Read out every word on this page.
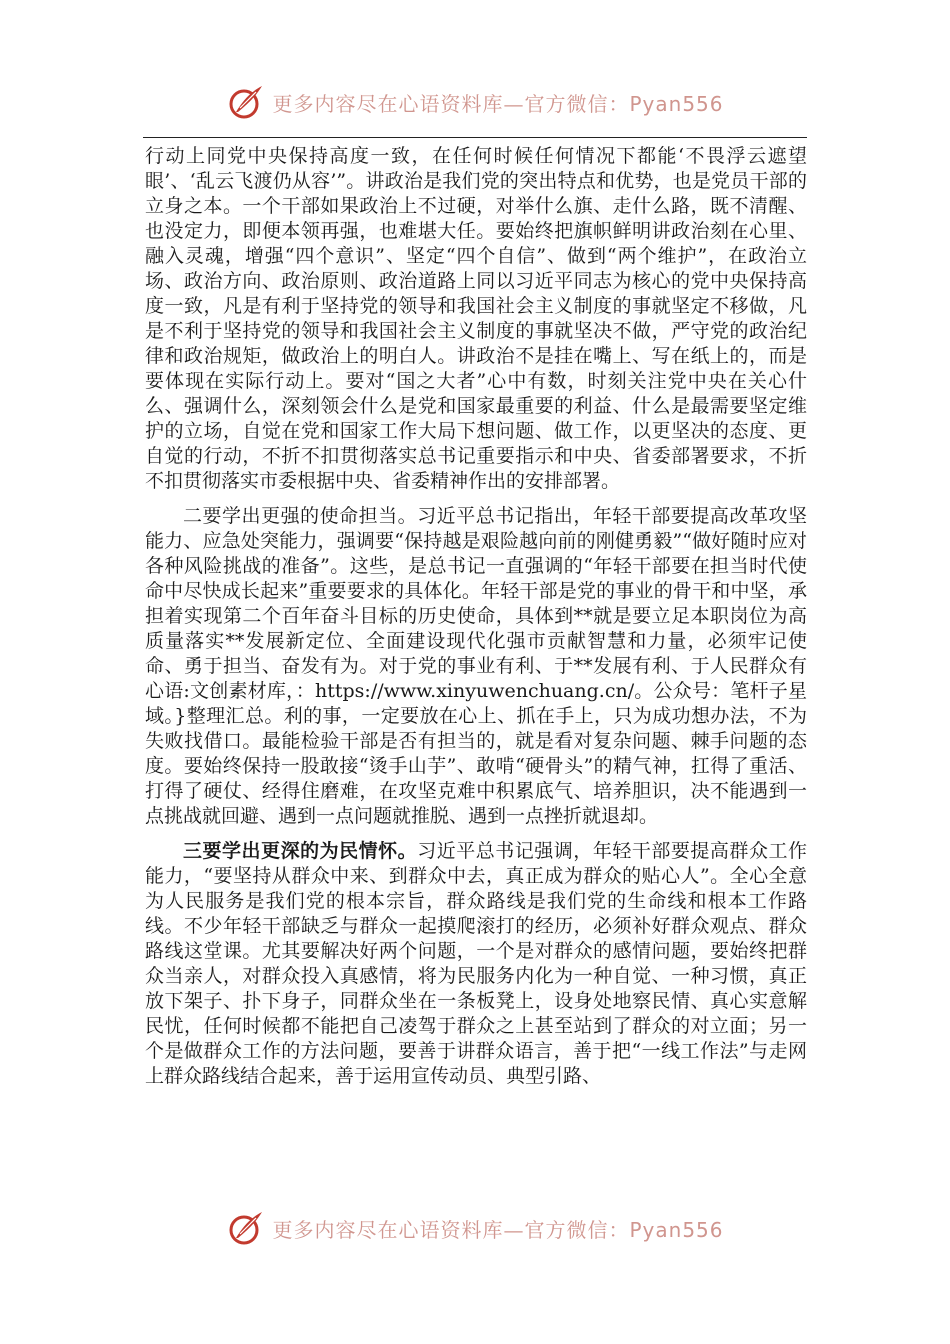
更多内容尽在心语资料库—官方微信：Pyan556

行动上同党中央保持高度一致，在任何时候任何情况下都能‘不畏浮云遮望眼’、‘乱云飞渡仍从容’”。讲政治是我们党的突出特点和优势，也是党员干部的立身之本。一个干部如果政治上不过硬，对举什么旗、走什么路，既不清醒、也没定力，即便本领再强，也难堪大任。要始终把旗帜鲜明讲政治刻在心里、融入灵魂，增强“四个意识”、坚定“四个自信”、做到“两个维护”，在政治立场、政治方向、政治原则、政治道路上同以习近平同志为核心的党中央保持高度一致，凡是有利于坚持党的领导和我国社会主义制度的事就坚定不移做，凡是不利于坚持党的领导和我国社会主义制度的事就坚决不做，严守党的政治纪律和政治规矩，做政治上的明白人。讲政治不是挂在嘴上、写在纸上的，而是要体现在实际行动上。要对“国之大者”心中有数，时刻关注党中央在关心什么、强调什么，深刻领会什么是党和国家最重要的利益、什么是最需要坚定维护的立场，自觉在党和国家工作大局下想问题、做工作，以更坚决的态度、更自觉的行动，不折不扣贯彻落实总书记重要指示和中央、省委部署要求，不折不扣贯彻落实市委根据中央、省委精神作出的安排部署。

二要学出更强的使命担当。习近平总书记指出，年轻干部要提高改革攻坚能力、应急处突能力，强调要“保持越是艰险越向前的刚健勇毅”“做好随时应对各种风险挑战的准备”。这些，是总书记一直强调的“年轻干部要在担当时代使命中尽快成长起来”重要要求的具体化。年轻干部是党的事业的骨干和中坚，承担着实现第二个百年奋斗目标的历史使命，具体到**就是要立足本职岗位为高质量落实**发展新定位、全面建设现代化强市贡献智慧和力量，必须牢记使命、勇于担当、奋发有为。对于党的事业有利、于**发展有利、于人民群众有心语:文创素材库，：https://www.xinyuwenchuang.cn/。公众号：笔杆子星域。}整理汇总。利的事，一定要放在心上、抓在手上，只为成功想办法，不为失败找借口。最能检验干部是否有担当的，就是看对复杂问题、棘手问题的态度。要始终保持一股敢接“烫手山芋”、敢啃“硬骨头”的精气神，扛得了重活、打得了硬仗、经得住磨难，在攻坚克难中积累底气、培养胆识，决不能遇到一点挑战就回避、遇到一点问题就推脱、遇到一点挫折就退却。

三要学出更深的为民情怀。习近平总书记强调，年轻干部要提高群众工作能力，“要坚持从群众中来、到群众中去，真正成为群众的贴心人”。全心全意为人民服务是我们党的根本宗旨，群众路线是我们党的生命线和根本工作路线。不少年轻干部缺乏与群众一起摸爬滚打的经历，必须补好群众观点、群众路线这堂课。尤其要解决好两个问题，一个是对群众的感情问题，要始终把群众当亲人，对群众投入真感情，将为民服务内化为一种自觉、一种习惯，真正放下架子、扑下身子，同群众坐在一条板凳上，设身处地察民情、真心实意解民忧，任何时候都不能把自己凌驾于群众之上甚至站到了群众的对立面；另一个是做群众工作的方法问题，要善于讲群众语言，善于把“一线工作法”与走网上群众路线结合起来，善于运用宣传动员、典型引路、

更多内容尽在心语资料库—官方微信：Pyan556
